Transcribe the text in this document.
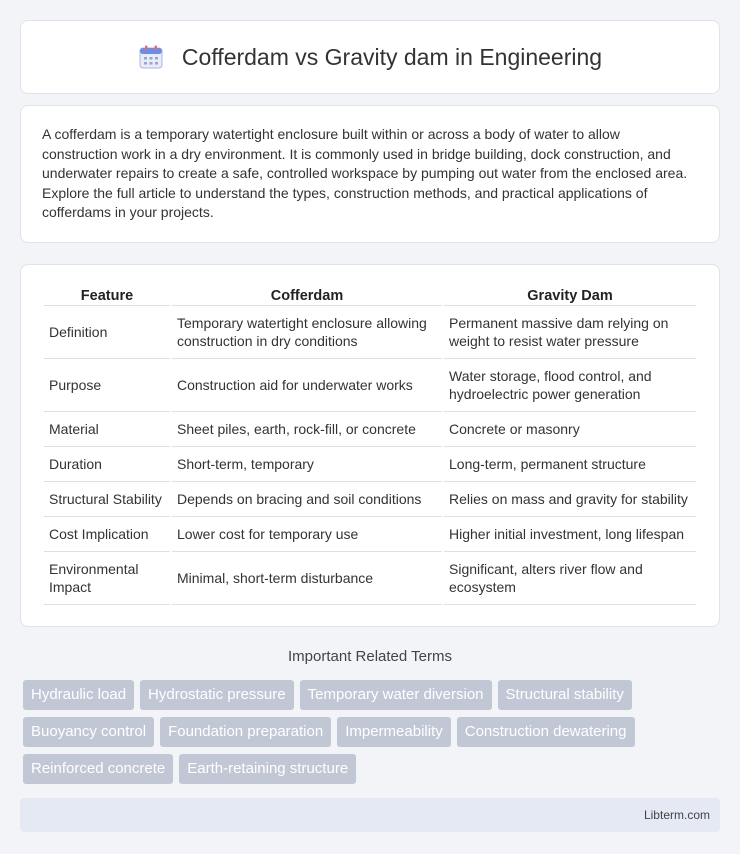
Cofferdam vs Gravity dam in Engineering

A cofferdam is a temporary watertight enclosure built within or across a body of water to allow construction work in a dry environment. It is commonly used in bridge building, dock construction, and underwater repairs to create a safe, controlled workspace by pumping out water from the enclosed area. Explore the full article to understand the types, construction methods, and practical applications of cofferdams in your projects.

Feature	Cofferdam	Gravity Dam
Definition	Temporary watertight enclosure allowing construction in dry conditions	Permanent massive dam relying on weight to resist water pressure
Purpose	Construction aid for underwater works	Water storage, flood control, and hydroelectric power generation
Material	Sheet piles, earth, rock-fill, or concrete	Concrete or masonry
Duration	Short-term, temporary	Long-term, permanent structure
Structural Stability	Depends on bracing and soil conditions	Relies on mass and gravity for stability
Cost Implication	Lower cost for temporary use	Higher initial investment, long lifespan
Environmental Impact	Minimal, short-term disturbance	Significant, alters river flow and ecosystem
Important Related Terms
Hydraulic load	Hydrostatic pressure	Temporary water diversion	Structural stability
Buoyancy control	Foundation preparation	Impermeability	Construction dewatering
Reinforced concrete	Earth-retaining structure
Libterm.com
